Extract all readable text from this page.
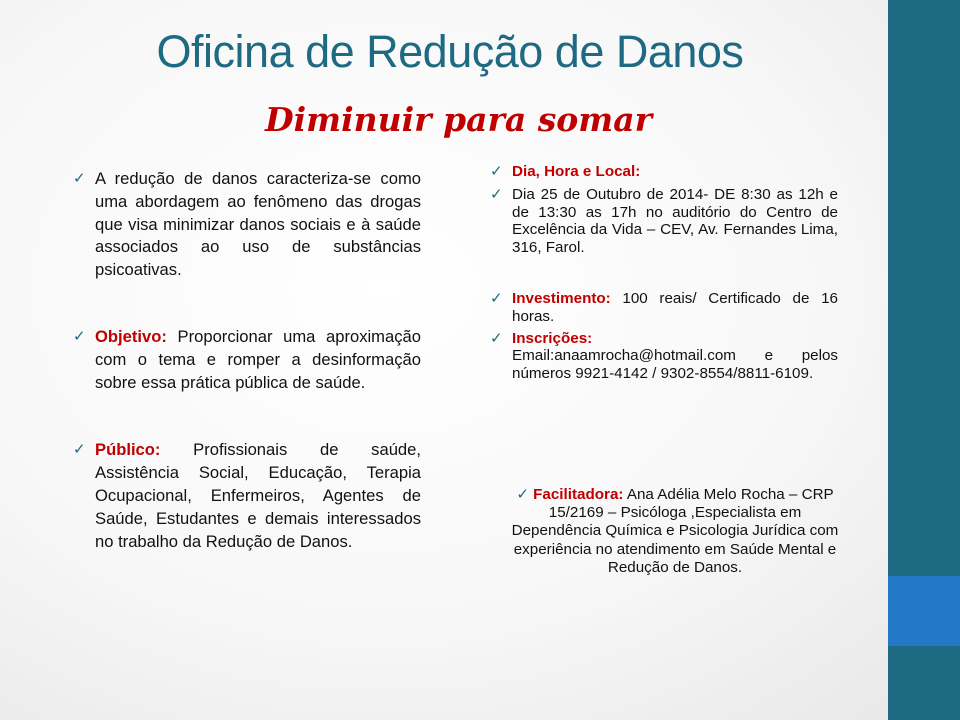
Oficina de Redução de Danos
Diminuir para somar
✓ A redução de danos caracteriza-se como uma abordagem ao fenômeno das drogas que visa minimizar danos sociais e à saúde associados ao uso de substâncias psicoativas.
✓ Objetivo: Proporcionar uma aproximação com o tema e romper a desinformação sobre essa prática pública de saúde.
✓ Público: Profissionais de saúde, Assistência Social, Educação, Terapia Ocupacional, Enfermeiros, Agentes de Saúde, Estudantes e demais interessados no trabalho da Redução de Danos.
✓ Dia, Hora e Local:
✓ Dia 25 de Outubro de 2014- DE 8:30 as 12h e de 13:30 as 17h no auditório do Centro de Excelência da Vida – CEV, Av. Fernandes Lima, 316, Farol.
✓ Investimento: 100 reais/ Certificado de 16 horas.
✓ Inscrições:
Email:anaamrocha@hotmail.com e pelos números 9921-4142 / 9302-8554/8811-6109.
✓ Facilitadora: Ana Adélia Melo Rocha – CRP 15/2169 – Psicóloga ,Especialista em Dependência Química e Psicologia Jurídica com experiência no atendimento em Saúde Mental e Redução de Danos.
